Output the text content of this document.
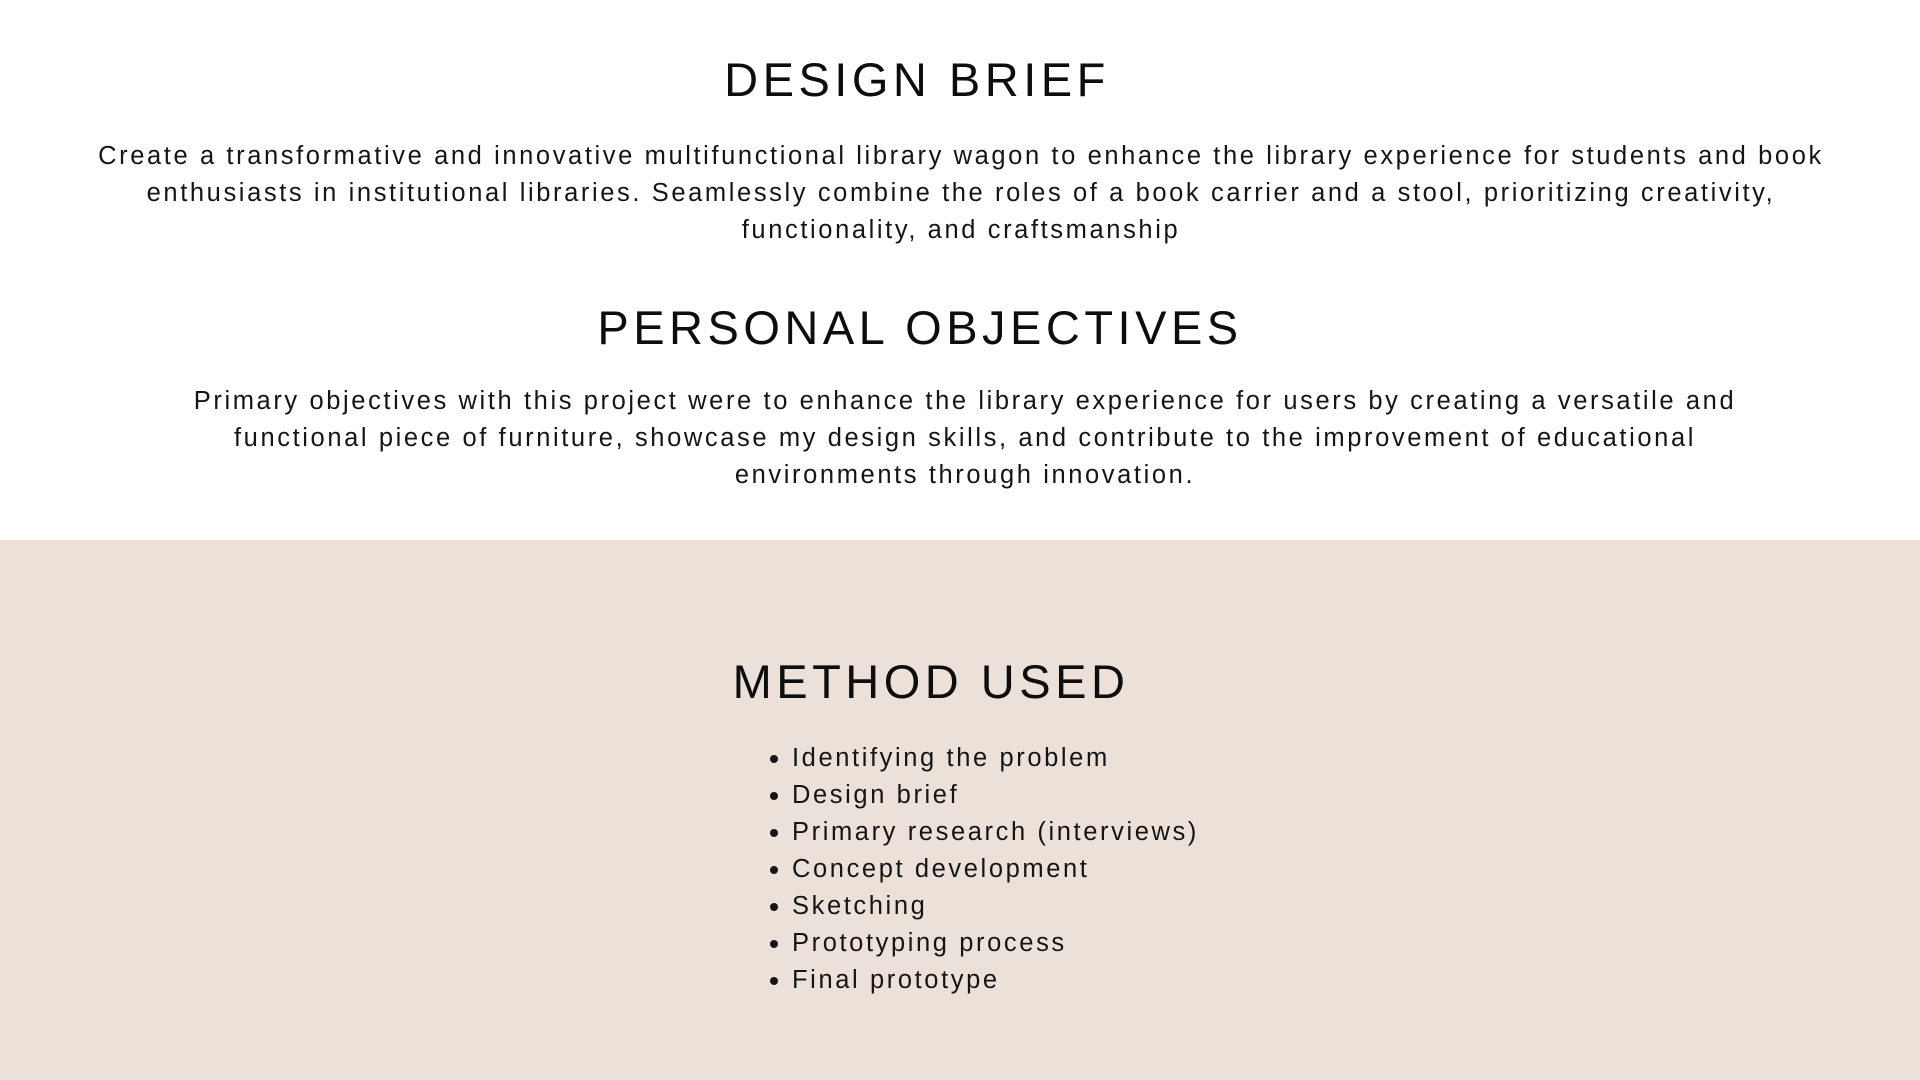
DESIGN BRIEF

Create a transformative and innovative multifunctional library wagon to enhance the library experience for students and book enthusiasts in institutional libraries. Seamlessly combine the roles of a book carrier and a stool, prioritizing creativity, functionality, and craftsmanship

PERSONAL OBJECTIVES

Primary objectives with this project were to enhance the library experience for users by creating a versatile and functional piece of furniture, showcase my design skills, and contribute to the improvement of educational environments through innovation.

METHOD USED
Identifying the problem
Design brief
Primary research (interviews)
Concept development
Sketching
Prototyping process
Final prototype
